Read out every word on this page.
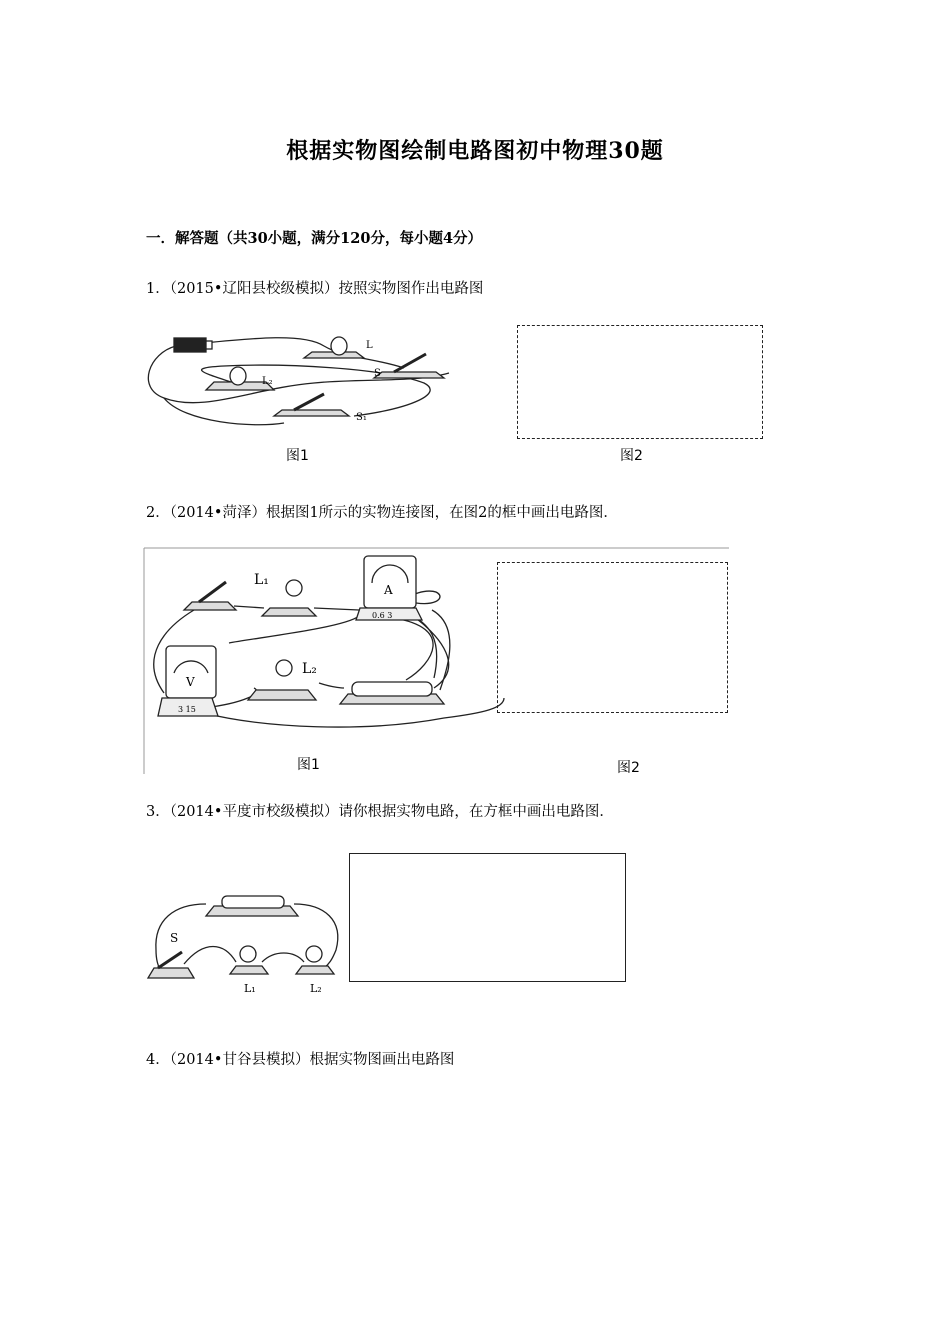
根据实物图绘制电路图初中物理30题
一．解答题（共30小题，满分120分，每小题4分）
1．（2015•辽阳县校级模拟）按照实物图作出电路图
L
S
S₁
L₂
图1	图2
2．（2014•菏泽）根据图1所示的实物连接图，在图2的框中画出电路图．
L₁
L₂
A
V
0.6 3
3 15
图1	图2
3．（2014•平度市校级模拟）请你根据实物电路，在方框中画出电路图．
S
L₁	L₂
4．（2014•甘谷县模拟）根据实物图画出电路图
